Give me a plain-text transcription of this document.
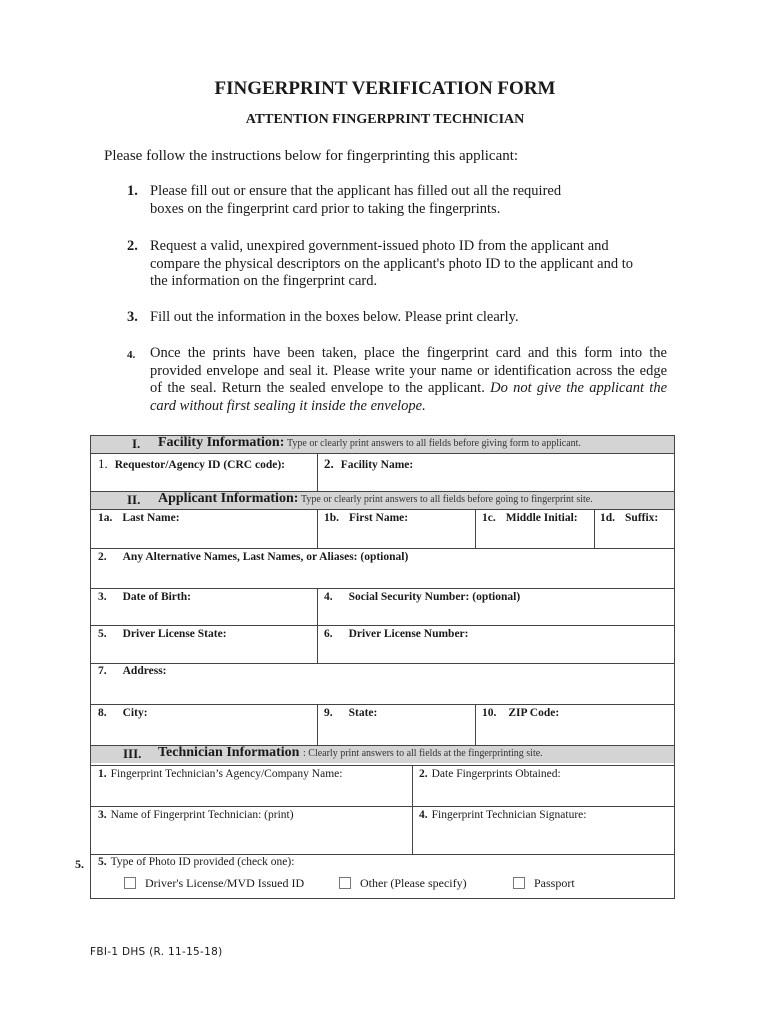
FINGERPRINT VERIFICATION FORM
ATTENTION FINGERPRINT TECHNICIAN
Please follow the instructions below for fingerprinting this applicant:
1. Please fill out or ensure that the applicant has filled out all the required
boxes on the fingerprint card prior to taking the fingerprints.
2. Request a valid, unexpired government-issued photo ID from the applicant and
compare the physical descriptors on the applicant's photo ID to the applicant and to
the information on the fingerprint card.
3. Fill out the information in the boxes below. Please print clearly.
4. Once the prints have been taken, place the fingerprint card and this form into the provided envelope and seal it. Please write your name or identification across the edge of the seal. Return the sealed envelope to the applicant. Do not give the applicant the card without first sealing it inside the envelope.
I. Facility Information: Type or clearly print answers to all fields before giving form to applicant.
1. Requestor/Agency ID (CRC code):	2. Facility Name:
II. Applicant Information: Type or clearly print answers to all fields before going to fingerprint site.
1a. Last Name:	1b. First Name:	1c. Middle Initial: 1d. Suffix:
2. Any Alternative Names, Last Names, or Aliases: (optional)
3. Date of Birth:	4. Social Security Number: (optional)
5. Driver License State:	6. Driver License Number:
7. Address:
8. City:	9. State:	10. ZIP Code:
III. Technician Information : Clearly print answers to all fields at the fingerprinting site.
1. Fingerprint Technician’s Agency/Company Name:	2. Date Fingerprints Obtained:
3. Name of Fingerprint Technician: (print)	4. Fingerprint Technician Signature:
5. Type of Photo ID provided (check one):
Driver's License/MVD Issued ID	Other (Please specify)	Passport
5.
FBI-1 DHS (R. 11-15-18)
